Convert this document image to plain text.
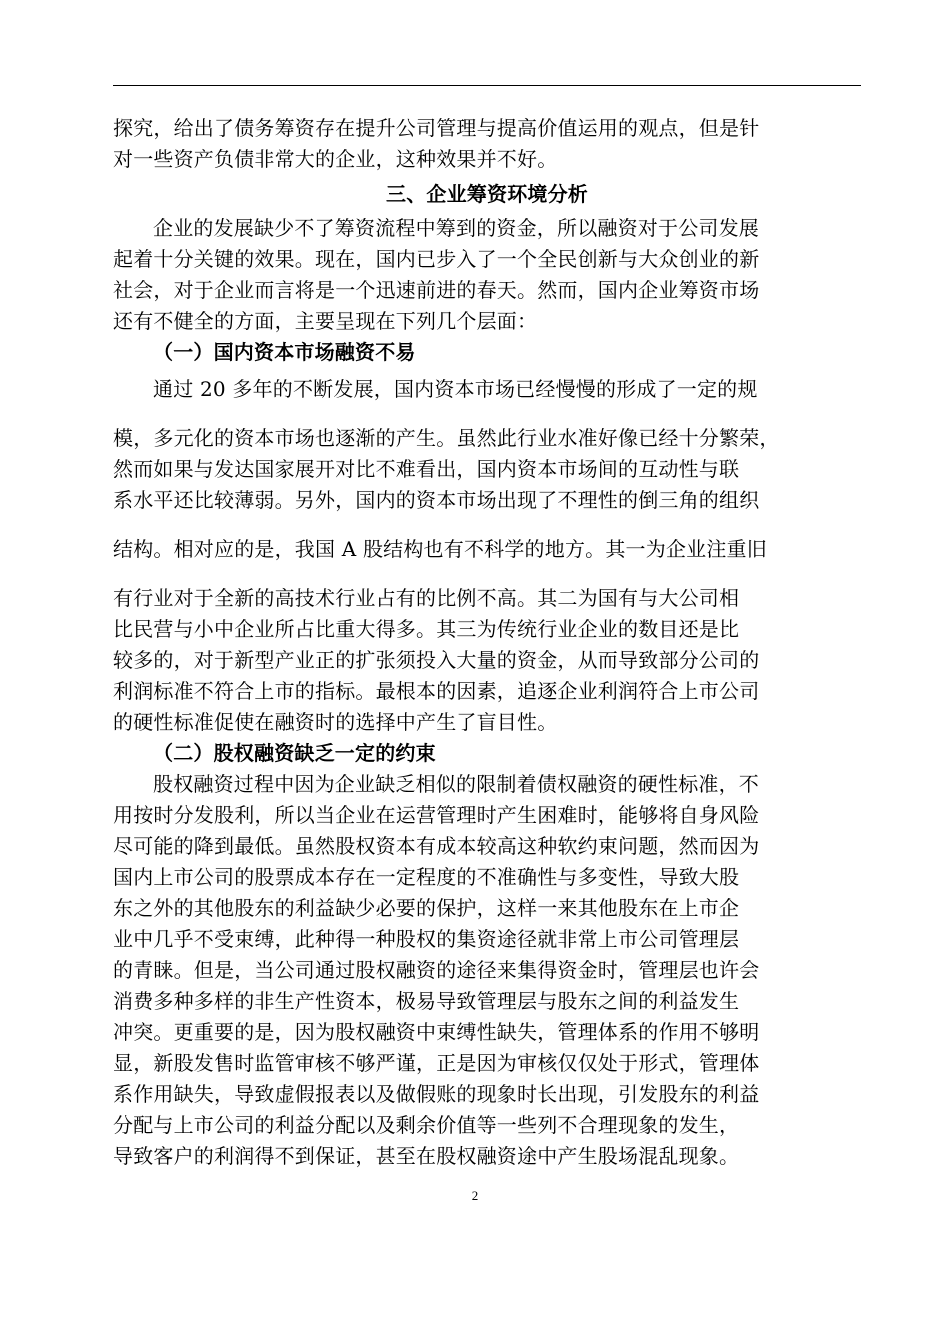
探究，给出了债务筹资存在提升公司管理与提高价值运用的观点，但是针
对一些资产负债非常大的企业，这种效果并不好。
三、企业筹资环境分析
企业的发展缺少不了筹资流程中筹到的资金，所以融资对于公司发展
起着十分关键的效果。现在，国内已步入了一个全民创新与大众创业的新
社会，对于企业而言将是一个迅速前进的春天。然而，国内企业筹资市场
还有不健全的方面，主要呈现在下列几个层面：
（一）国内资本市场融资不易
通过 20 多年的不断发展，国内资本市场已经慢慢的形成了一定的规
模，多元化的资本市场也逐渐的产生。虽然此行业水准好像已经十分繁荣，
然而如果与发达国家展开对比不难看出，国内资本市场间的互动性与联
系水平还比较薄弱。另外，国内的资本市场出现了不理性的倒三角的组织
结构。相对应的是，我国 A 股结构也有不科学的地方。其一为企业注重旧
有行业对于全新的高技术行业占有的比例不高。其二为国有与大公司相
比民营与小中企业所占比重大得多。其三为传统行业企业的数目还是比
较多的，对于新型产业正的扩张须投入大量的资金，从而导致部分公司的
利润标准不符合上市的指标。最根本的因素，追逐企业利润符合上市公司
的硬性标准促使在融资时的选择中产生了盲目性。
（二）股权融资缺乏一定的约束
股权融资过程中因为企业缺乏相似的限制着债权融资的硬性标准，不
用按时分发股利，所以当企业在运营管理时产生困难时，能够将自身风险
尽可能的降到最低。虽然股权资本有成本较高这种软约束问题，然而因为
国内上市公司的股票成本存在一定程度的不准确性与多变性，导致大股
东之外的其他股东的利益缺少必要的保护，这样一来其他股东在上市企
业中几乎不受束缚，此种得一种股权的集资途径就非常上市公司管理层
的青睐。但是，当公司通过股权融资的途径来集得资金时，管理层也许会
消费多种多样的非生产性资本，极易导致管理层与股东之间的利益发生
冲突。更重要的是，因为股权融资中束缚性缺失，管理体系的作用不够明
显，新股发售时监管审核不够严谨，正是因为审核仅仅处于形式，管理体
系作用缺失，导致虚假报表以及做假账的现象时长出现，引发股东的利益
分配与上市公司的利益分配以及剩余价值等一些列不合理现象的发生，
导致客户的利润得不到保证，甚至在股权融资途中产生股场混乱现象。
2
